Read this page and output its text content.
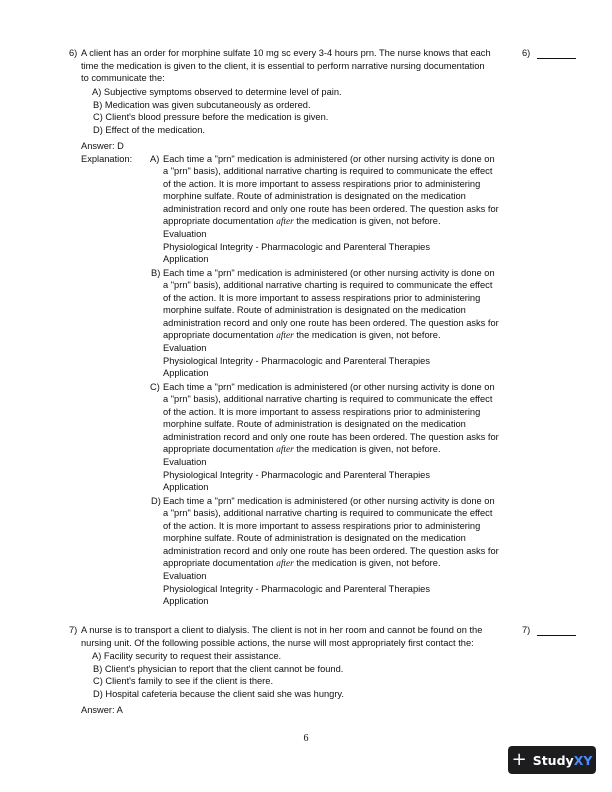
6) A client has an order for morphine sulfate 10 mg sc every 3-4 hours prn. The nurse knows that each
time the medication is given to the client, it is essential to perform narrative nursing documentation
to communicate the:
6)
A) Subjective symptoms observed to determine level of pain.
B) Medication was given subcutaneously as ordered.
C) Client's blood pressure before the medication is given.
D) Effect of the medication.
Answer: D
Explanation: A) Each time a "prn" medication is administered (or other nursing activity is done on
a "prn" basis), additional narrative charting is required to communicate the effect
of the action. It is more important to assess respirations prior to administering
morphine sulfate. Route of administration is designated on the medication
administration record and only one route has been ordered. The question asks for
appropriate documentation after the medication is given, not before.
Evaluation
Physiological Integrity - Pharmacologic and Parenteral Therapies
Application
B) Each time a "prn" medication is administered (or other nursing activity is done on
a "prn" basis), additional narrative charting is required to communicate the effect
of the action. It is more important to assess respirations prior to administering
morphine sulfate. Route of administration is designated on the medication
administration record and only one route has been ordered. The question asks for
appropriate documentation after the medication is given, not before.
Evaluation
Physiological Integrity - Pharmacologic and Parenteral Therapies
Application
C) Each time a "prn" medication is administered (or other nursing activity is done on
a "prn" basis), additional narrative charting is required to communicate the effect
of the action. It is more important to assess respirations prior to administering
morphine sulfate. Route of administration is designated on the medication
administration record and only one route has been ordered. The question asks for
appropriate documentation after the medication is given, not before.
Evaluation
Physiological Integrity - Pharmacologic and Parenteral Therapies
Application
D) Each time a "prn" medication is administered (or other nursing activity is done on
a "prn" basis), additional narrative charting is required to communicate the effect
of the action. It is more important to assess respirations prior to administering
morphine sulfate. Route of administration is designated on the medication
administration record and only one route has been ordered. The question asks for
appropriate documentation after the medication is given, not before.
Evaluation
Physiological Integrity - Pharmacologic and Parenteral Therapies
Application
7) A nurse is to transport a client to dialysis. The client is not in her room and cannot be found on the
nursing unit. Of the following possible actions, the nurse will most appropriately first contact the:
7)
A) Facility security to request their assistance.
B) Client's physician to report that the client cannot be found.
C) Client's family to see if the client is there.
D) Hospital cafeteria because the client said she was hungry.
Answer: A
6
+ StudyXY
